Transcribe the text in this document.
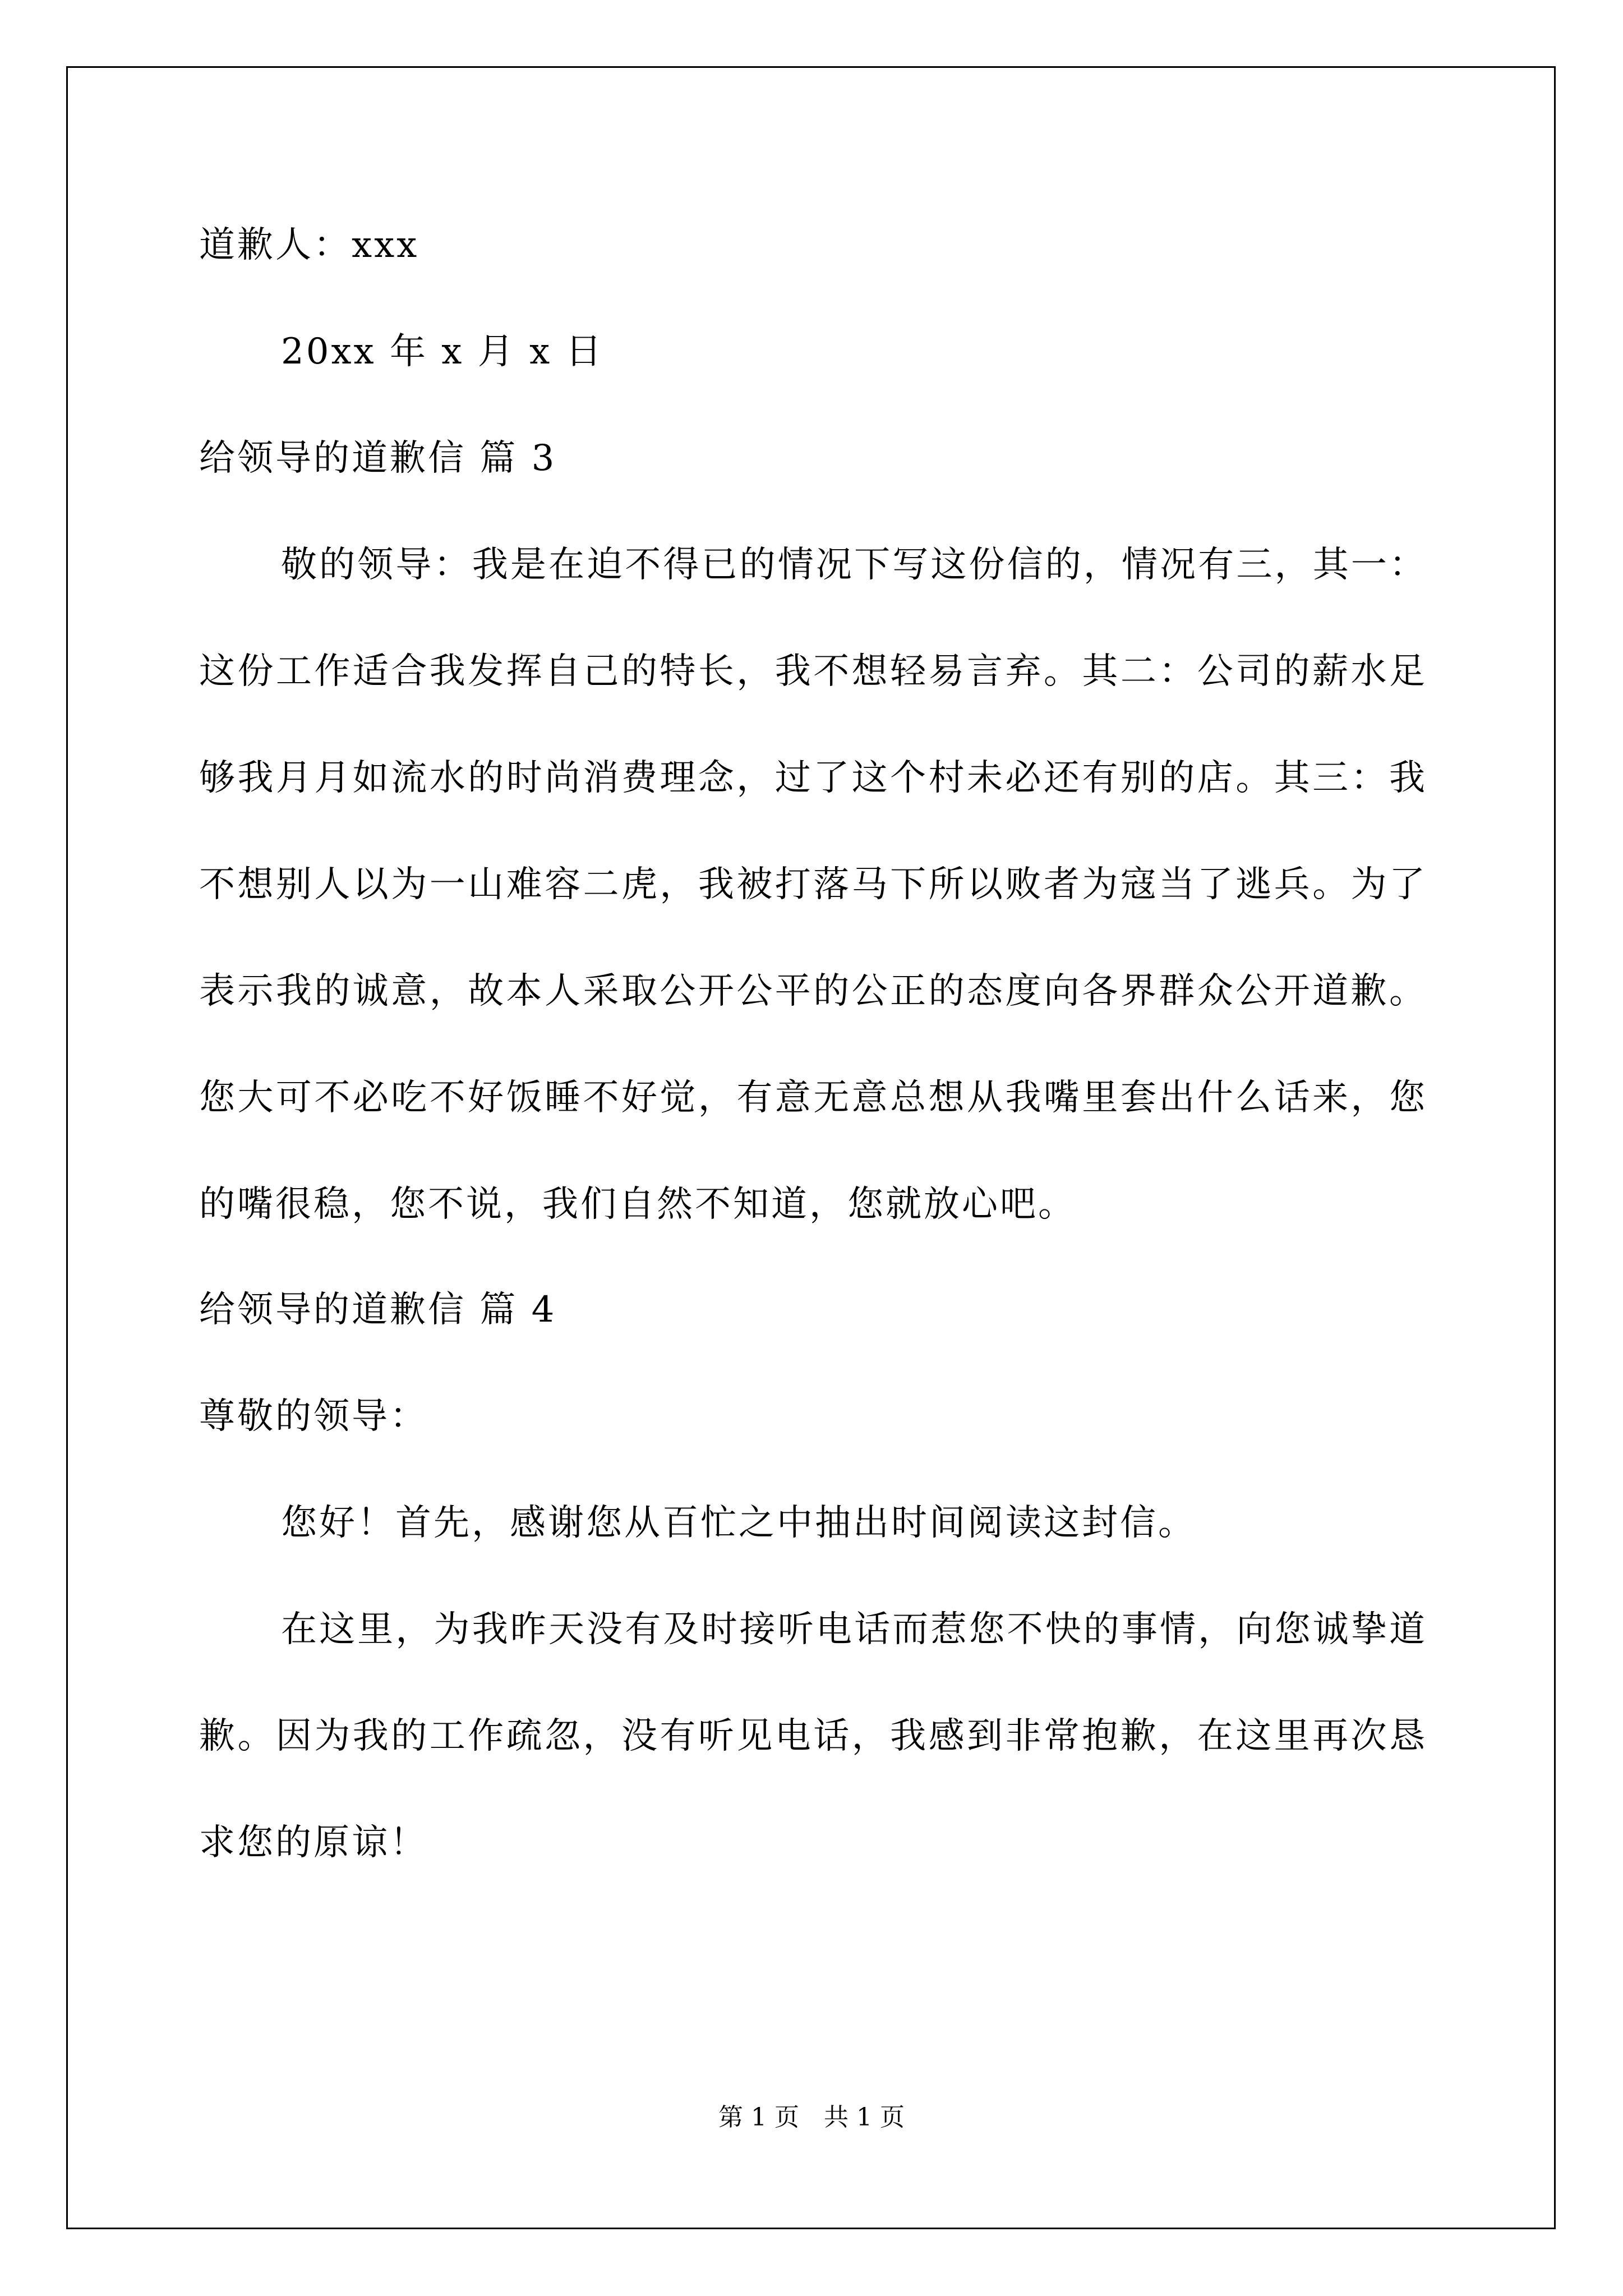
道歉人：xxx
20xx 年 x 月 x 日
给领导的道歉信 篇 3

敬的领导：我是在迫不得已的情况下写这份信的，情况有三，其一：这份工作适合我发挥自己的特长，我不想轻易言弃。其二：公司的薪水足够我月月如流水的时尚消费理念，过了这个村未必还有别的店。其三：我不想别人以为一山难容二虎，我被打落马下所以败者为寇当了逃兵。为了表示我的诚意，故本人采取公开公平的公正的态度向各界群众公开道歉。您大可不必吃不好饭睡不好觉，有意无意总想从我嘴里套出什么话来，您的嘴很稳，您不说，我们自然不知道，您就放心吧。

给领导的道歉信 篇 4
尊敬的领导：
您好！首先，感谢您从百忙之中抽出时间阅读这封信。

在这里，为我昨天没有及时接听电话而惹您不快的事情，向您诚挚道歉。因为我的工作疏忽，没有听见电话，我感到非常抱歉，在这里再次恳求您的原谅！

第 1 页　共 1 页
